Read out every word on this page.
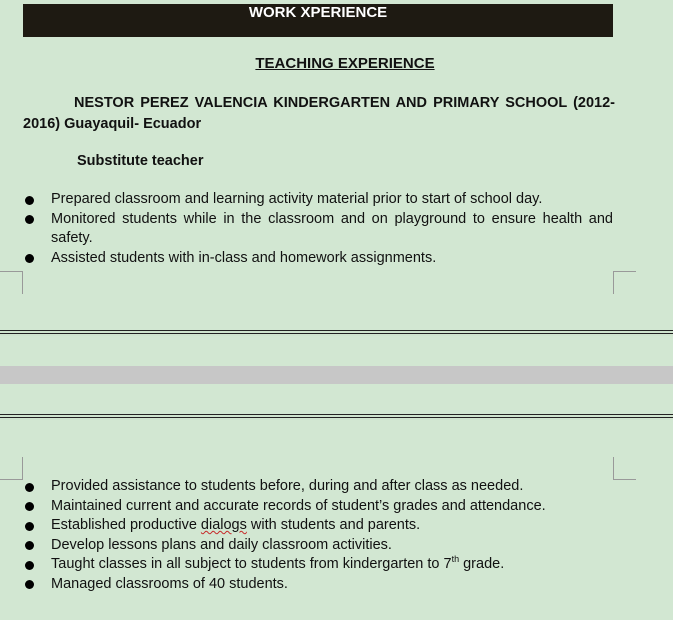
WORK XPERIENCE
TEACHING EXPERIENCE
NESTOR PEREZ VALENCIA KINDERGARTEN AND PRIMARY SCHOOL (2012-2016) Guayaquil- Ecuador
Substitute teacher
Prepared classroom and learning activity material prior to start of school day.
Monitored students while in the classroom and on playground to ensure health and safety.
Assisted students with in-class and homework assignments.
Provided assistance to students before, during and after class as needed.
Maintained current and accurate records of student’s grades and attendance.
Established productive dialogs with students and parents.
Develop lessons plans and daily classroom activities.
Taught classes in all subject to students from kindergarten to 7th grade.
Managed classrooms of 40 students.
